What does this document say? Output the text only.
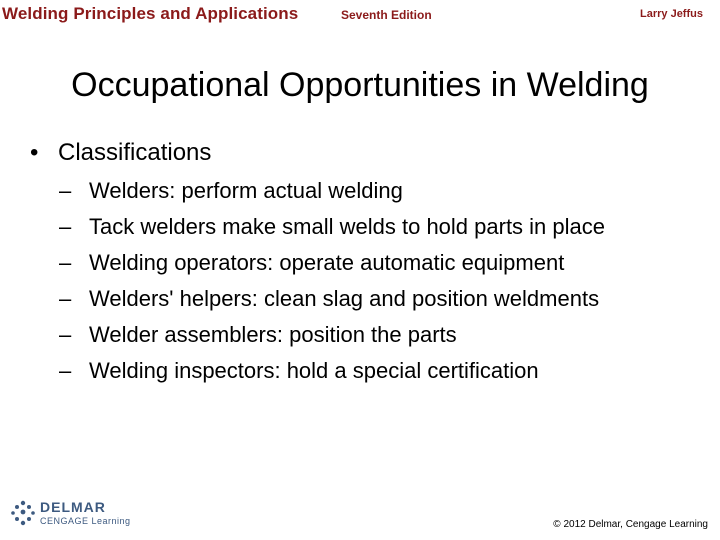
Welding Principles and Applications	Seventh Edition	Larry Jeffus
Occupational Opportunities in Welding
• Classifications
– Welders: perform actual welding
– Tack welders make small welds to hold parts in place
– Welding operators: operate automatic equipment
– Welders' helpers: clean slag and position weldments
– Welder assemblers: position the parts
– Welding inspectors: hold a special certification
DELMAR
CENGAGE Learning	© 2012 Delmar, Cengage Learning
